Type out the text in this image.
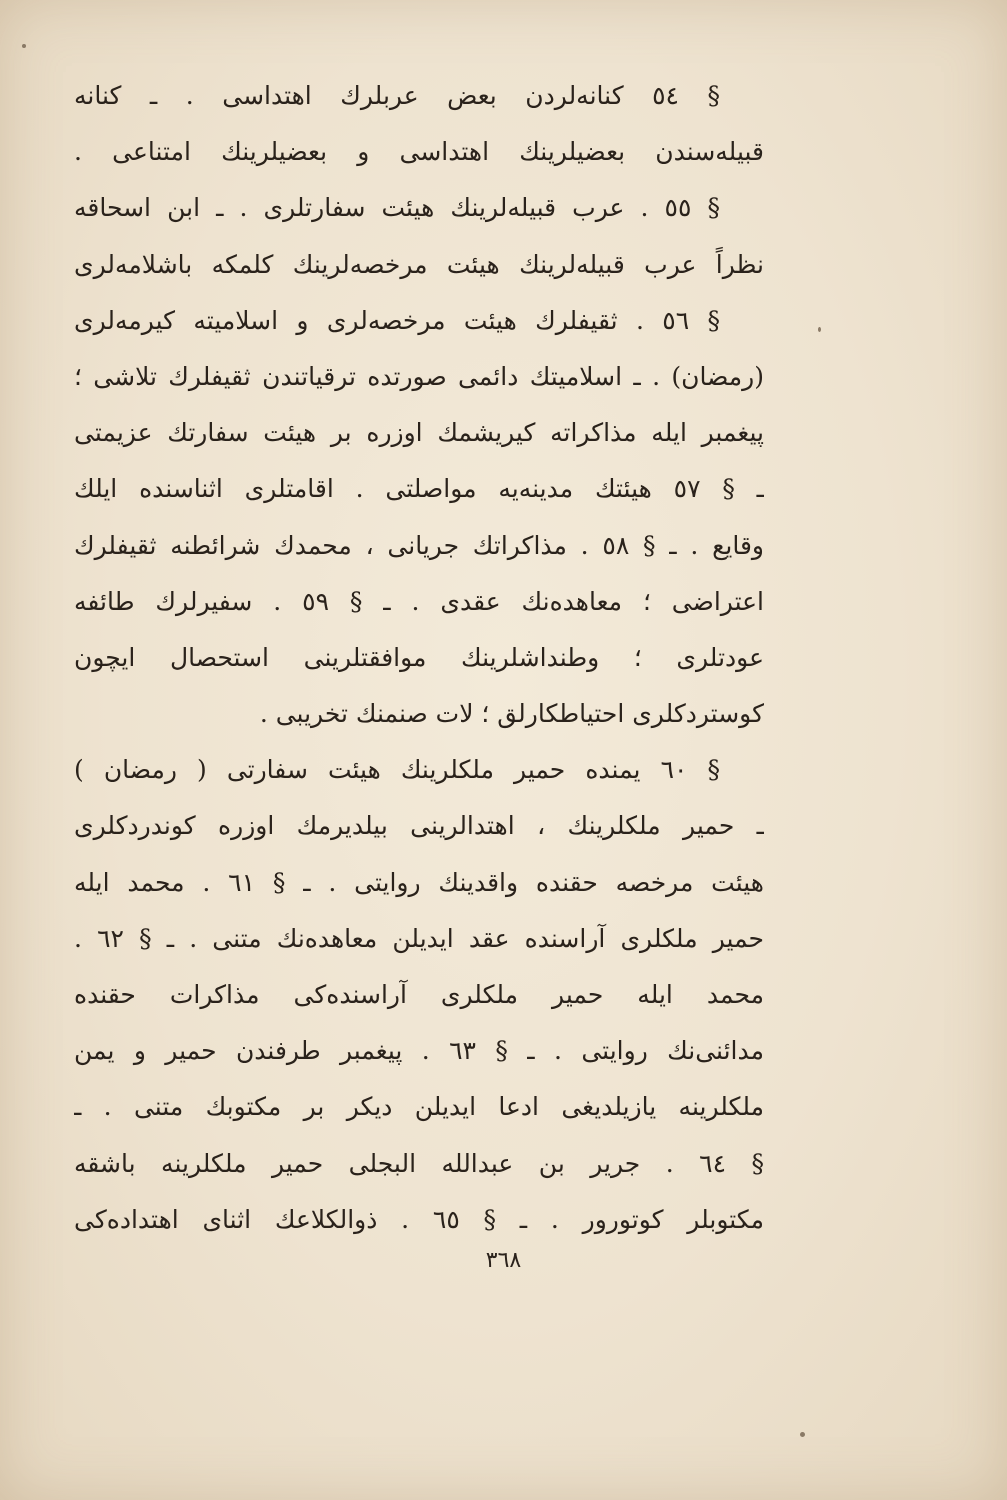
§ ٥٤ كنانه‌لردن بعض عربلرك اهتداسی . ـ كنانه
قبيله‌سندن بعضيلرينك اهتداسی و بعضيلرينك امتناعی .
§ ٥٥ . عرب قبيله‌لرينك هيئت سفارتلری . ـ ابن اسحاقه
نظراً عرب قبيله‌لرينك هيئت مرخصه‌لرينك كلمكه باشلامه‌لری
§ ٥٦ . ثقيفلرك هيئت مرخصه‌لری و اسلاميته كيرمه‌لری
(رمضان) . ـ اسلاميتك دائمی صورتده ترقياتندن ثقيفلرك تلاشی ؛
پيغمبر ايله مذاكراته كيريشمك اوزره بر هيئت سفارتك عزيمتی
ـ § ٥٧ هيئتك مدينه‌يه مواصلتی . اقامتلری اثناسنده ايلك
وقايع . ـ § ٥٨ . مذاكراتك جريانی ، محمدك شرائطنه ثقيفلرك
اعتراضی ؛ معاهده‌نك عقدی . ـ § ٥٩ . سفيرلرك طائفه
عودتلری ؛ وطنداشلرينك موافقتلرينی استحصال ايچون
كوستردكلری احتياطكارلق ؛ لات صنمنك تخريبی .
§ ٦٠ يمنده حمير ملكلرينك هيئت سفارتی ( رمضان )
ـ حمير ملكلرينك ، اهتدالرينی بيلديرمك اوزره كوندردكلری
هيئت مرخصه حقنده واقدينك روايتی . ـ § ٦١ . محمد ايله
حمير ملكلری آراسنده عقد ايديلن معاهده‌نك متنی . ـ § ٦٢ .
محمد ايله حمير ملكلری آراسنده‌كی مذاكرات حقنده
مدائنی‌نك روايتی . ـ § ٦٣ . پيغمبر طرفندن حمير و يمن
ملكلرينه يازيلديغی ادعا ايديلن ديكر بر مكتوبك متنی . ـ
§ ٦٤ . جرير بن عبدالله البجلی حمير ملكلرينه باشقه
مكتوبلر كوتورور . ـ § ٦٥ . ذوالكلاعك اثنای اهتداده‌كی
٣٦٨
